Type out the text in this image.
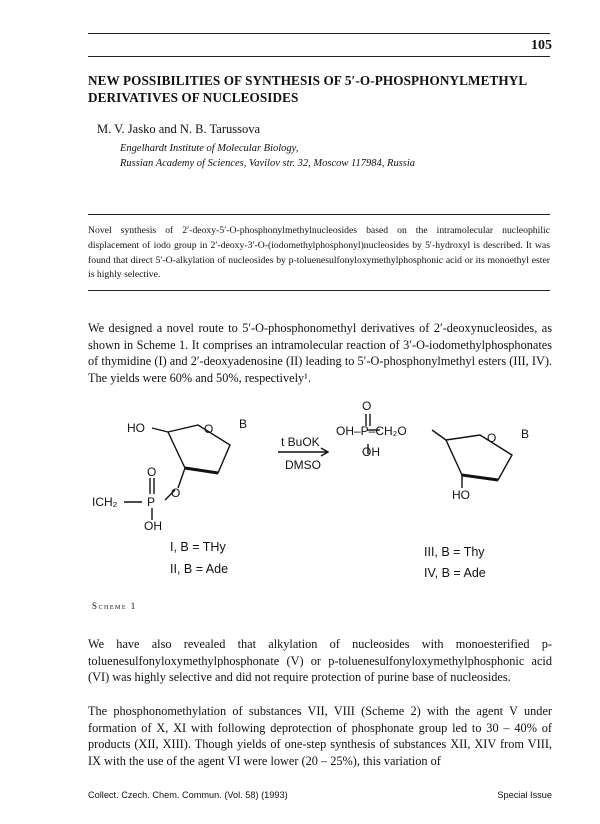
105
NEW POSSIBILITIES OF SYNTHESIS OF 5′-O-PHOSPHONYLMETHYL DERIVATIVES OF NUCLEOSIDES
M. V. Jasko and N. B. Tarussova
Engelhardt Institute of Molecular Biology,
Russian Academy of Sciences, Vavilov str. 32, Moscow 117984, Russia
Novel synthesis of 2′-deoxy-5′-O-phosphonylmethylnucleosides based on the intramolecular nucleophilic displacement of iodo group in 2′-deoxy-3′-O-(iodomethylphosphonyl)nucleosides by 5′-hydroxyl is described. It was found that direct 5′-O-alkylation of nucleosides by p-toluenesulfonyloxymethylphosphonic acid or its monoethyl ester is highly selective.
We designed a novel route to 5′-O-phosphonomethyl derivatives of 2′-deoxynucleosides, as shown in Scheme 1. It comprises an intramolecular reaction of 3′-O-iodomethylphosphonates of thymidine (I) and 2′-deoxyadenosine (II) leading to 5′-O-phosphonylmethyl esters (III, IV). The yields were 60% and 50%, respectively¹.
HO	O B
O
P
O
ICH₂
OH
t BuOK
DMSO
O
OH–P–CH₂O
OH
O B
HO
I, B = THy
II, B = Ade
III, B = Thy
IV, B = Ade
Scheme 1
We have also revealed that alkylation of nucleosides with monoesterified p-toluenesulfonyloxymethylphosphonate (V) or p-toluenesulfonyloxymethylphosphonic acid (VI) was highly selective and did not require protection of purine base of nucleosides.
The phosphonomethylation of substances VII, VIII (Scheme 2) with the agent V under formation of X, XI with following deprotection of phosphonate group led to 30 – 40% of products (XII, XIII). Though yields of one-step synthesis of substances XII, XIV from VIII, IX with the use of the agent VI were lower (20 – 25%), this variation of
Collect. Czech. Chem. Commun. (Vol. 58) (1993)	Special Issue
